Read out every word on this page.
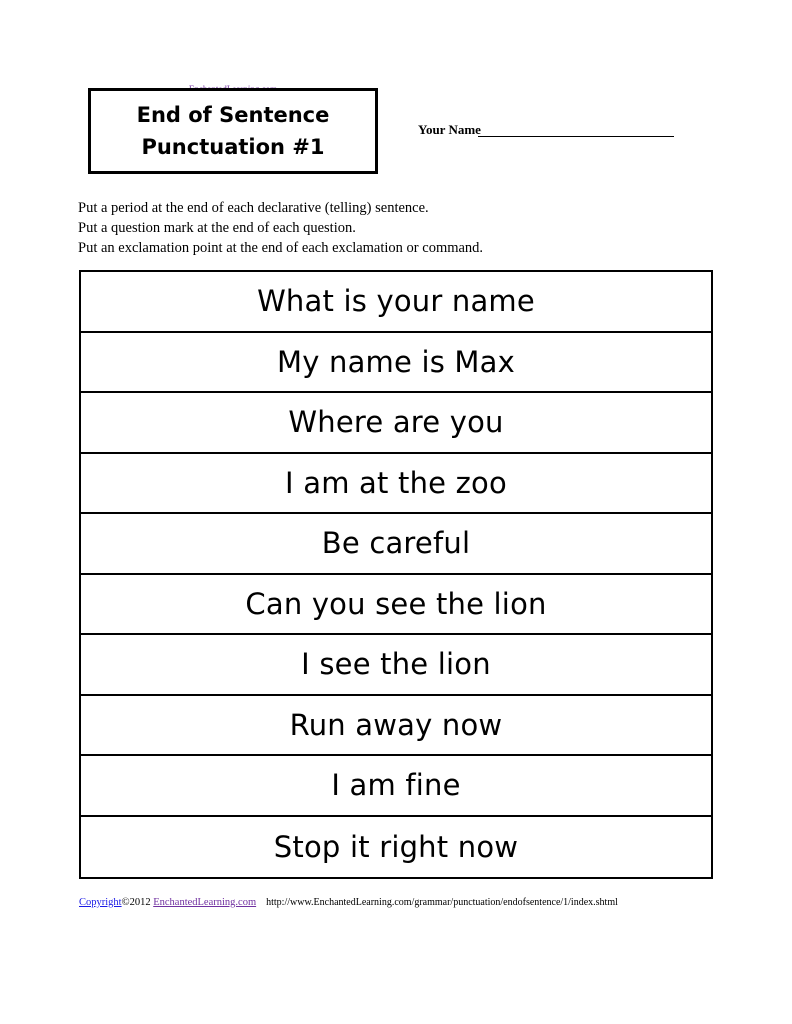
End of Sentence
Punctuation #1
Your Name
Put a period at the end of each declarative (telling) sentence.
Put a question mark at the end of each question.
Put an exclamation point at the end of each exclamation or command.
What is your name
My name is Max
Where are you
I am at the zoo
Be careful
Can you see the lion
I see the lion
Run away now
I am fine
Stop it right now
Copyright©2012 EnchantedLearning.com http://www.EnchantedLearning.com/grammar/punctuation/endofsentence/1/index.shtml
